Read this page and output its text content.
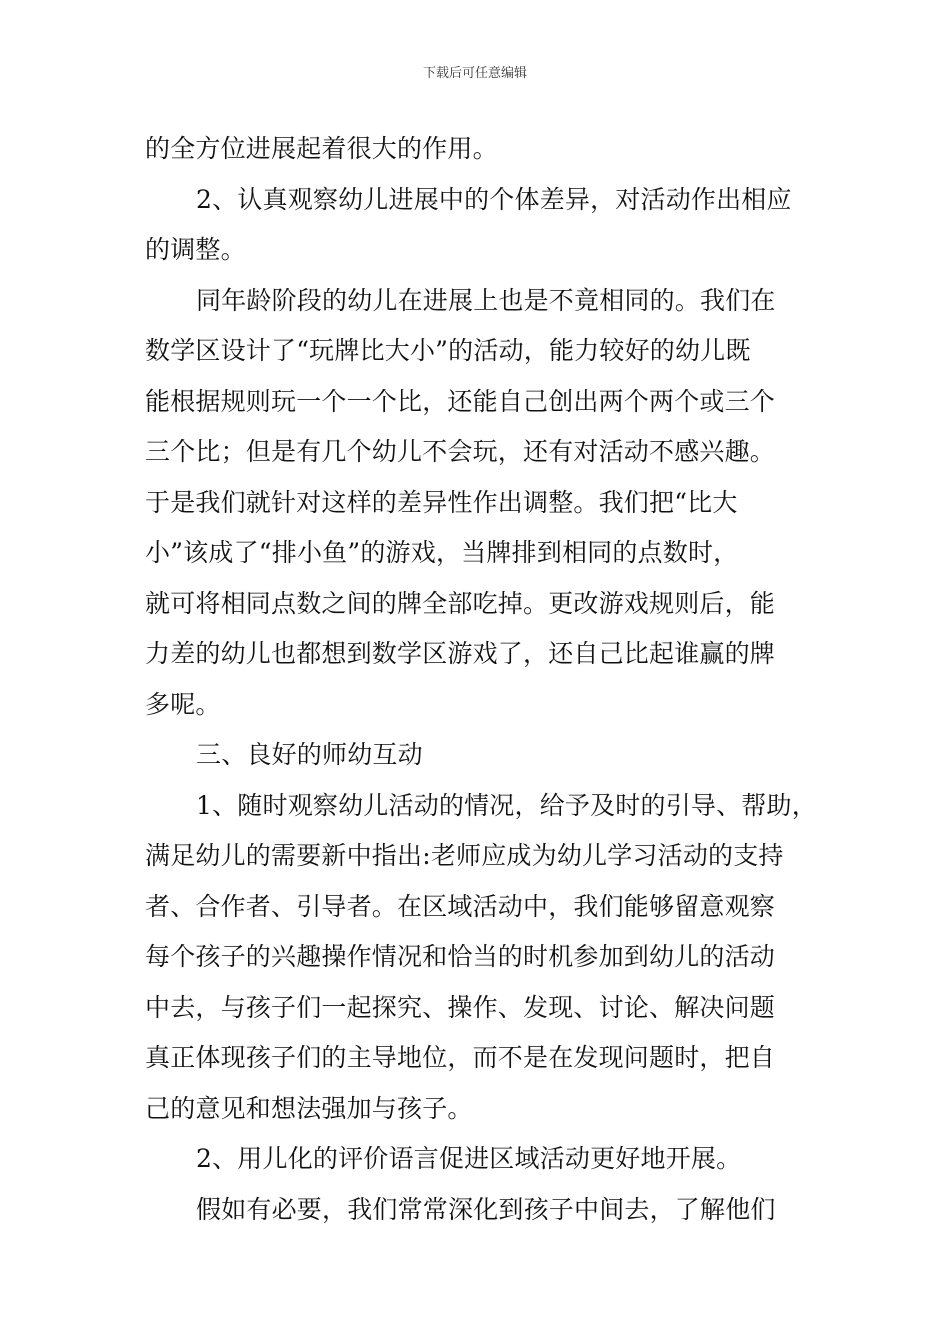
下载后可任意编辑
的全方位进展起着很大的作用。
2、认真观察幼儿进展中的个体差异，对活动作出相应
的调整。
同年龄阶段的幼儿在进展上也是不竟相同的。我们在
数学区设计了“玩牌比大小”的活动，能力较好的幼儿既
能根据规则玩一个一个比，还能自己创出两个两个或三个
三个比；但是有几个幼儿不会玩，还有对活动不感兴趣。
于是我们就针对这样的差异性作出调整。我们把“比大
小”该成了“排小鱼”的游戏，当牌排到相同的点数时，
就可将相同点数之间的牌全部吃掉。更改游戏规则后，能
力差的幼儿也都想到数学区游戏了，还自己比起谁赢的牌
多呢。
三、良好的师幼互动
1、随时观察幼儿活动的情况，给予及时的引导、帮助，
满足幼儿的需要新中指出:老师应成为幼儿学习活动的支持
者、合作者、引导者。在区域活动中，我们能够留意观察
每个孩子的兴趣操作情况和恰当的时机参加到幼儿的活动
中去，与孩子们一起探究、操作、发现、讨论、解决问题
真正体现孩子们的主导地位，而不是在发现问题时，把自
己的意见和想法强加与孩子。
2、用儿化的评价语言促进区域活动更好地开展。
假如有必要，我们常常深化到孩子中间去，了解他们
